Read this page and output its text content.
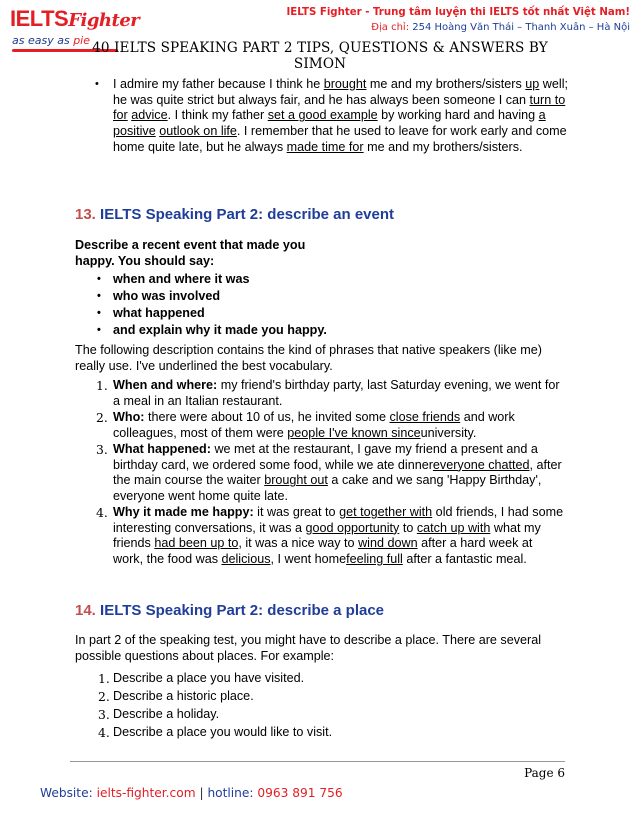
IELTSFighter
as easy as pie
IELTS Fighter - Trung tâm luyện thi IELTS tốt nhất Việt Nam!
Địa chỉ: 254 Hoàng Văn Thái – Thanh Xuân – Hà Nội
40 IELTS SPEAKING PART 2 TIPS, QUESTIONS & ANSWERS BY SIMON
• I admire my father because I think he brought me and my brothers/sisters up well; he was quite strict but always fair, and he has always been someone I can turn to for advice. I think my father set a good example by working hard and having a positive outlook on life. I remember that he used to leave for work early and come home quite late, but he always made time for me and my brothers/sisters.
13. IELTS Speaking Part 2: describe an event
Describe a recent event that made you
happy. You should say:
• when and where it was
• who was involved
• what happened
• and explain why it made you happy.
The following description contains the kind of phrases that native speakers (like me) really use. I've underlined the best vocabulary.
1. When and where: my friend's birthday party, last Saturday evening, we went for a meal in an Italian restaurant.
2. Who: there were about 10 of us, he invited some close friends and work colleagues, most of them were people I've known sinceuniversity.
3. What happened: we met at the restaurant, I gave my friend a present and a birthday card, we ordered some food, while we ate dinnereveryone chatted, after the main course the waiter brought out a cake and we sang 'Happy Birthday', everyone went home quite late.
4. Why it made me happy: it was great to get together with old friends, I had some interesting conversations, it was a good opportunity to catch up with what my friends had been up to, it was a nice way to wind down after a hard week at work, the food was delicious, I went homefeeling full after a fantastic meal.
14. IELTS Speaking Part 2: describe a place
In part 2 of the speaking test, you might have to describe a place. There are several possible questions about places. For example:
1. Describe a place you have visited.
2. Describe a historic place.
3. Describe a holiday.
4. Describe a place you would like to visit.
Page 6
Website: ielts-fighter.com | hotline: 0963 891 756
